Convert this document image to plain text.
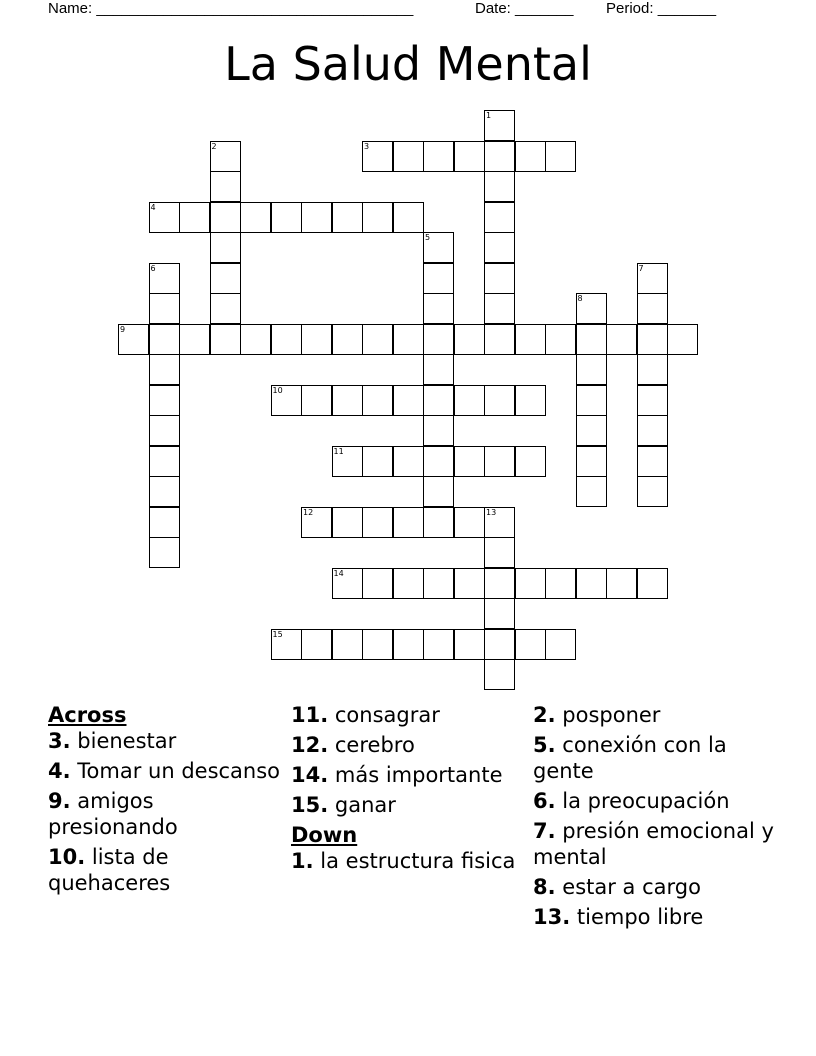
Name: ______________________________________	Date: _______ Period: _______
La Salud Mental
3
4
9
10
11
12	13
14
15
1
2
5
6	7
8
Across
3. bienestar
4. Tomar un descanso
9. amigos presionando
10. lista de quehaceres
11. consagrar
12. cerebro
14. más importante
15. ganar
Down
1. la estructura fisica
2. posponer
5. conexión con la gente
6. la preocupación
7. presión emocional y mental
8. estar a cargo
13. tiempo libre
